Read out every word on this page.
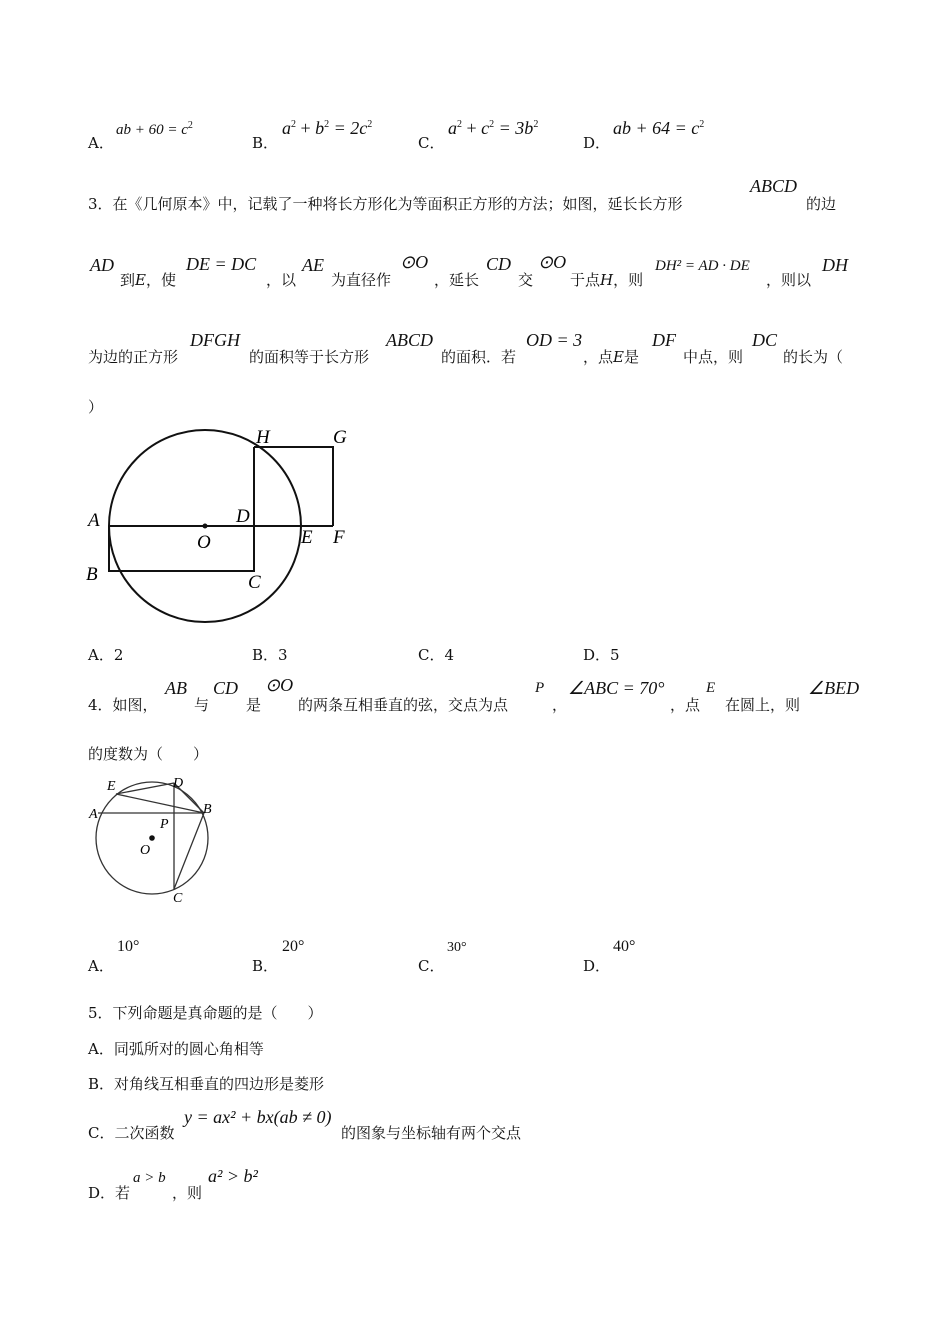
A．
ab + $60 = c^2$
B．
$a^2 + b^2 = 2c^2$
C．
$a^2 + c^2 = 3b^2$
D．
ab + $64 = c^2$
3．在《几何原本》中，记载了一种将长方形化为等面积正方形的方法；如图，延长长方形
ABCD
的边
AD
到E，使
DE = DC
，以
AE
为直径作
⊙O
，延长
CD
交
⊙O
于点H，则
DH² = AD · DE
，则以
DH
为边的正方形
DFGH
的面积等于长方形
ABCD
的面积．若
OD = 3
，点E是
DF
中点，则
DC
的长为（
）
A
B	C
D
E F
G
H
O
A．2	B．3	C．4	D．5
4．如图，
AB
与
CD
是
⊙O
的两条互相垂直的弦，交点为点
P
，
∠ABC = 70°
，点
E
在圆上，则
∠BED
的度数为（　　）
A	B
C
D
E
O
P
A．
10°
B．
20°
C．
30°
D．
40°
5．下列命题是真命题的是（　　）
A．同弧所对的圆心角相等
B．对角线互相垂直的四边形是菱形
C．二次函数
y = ax² + bx(ab ≠ 0)
的图象与坐标轴有两个交点
D．若
a > b
，则
a² > b²
